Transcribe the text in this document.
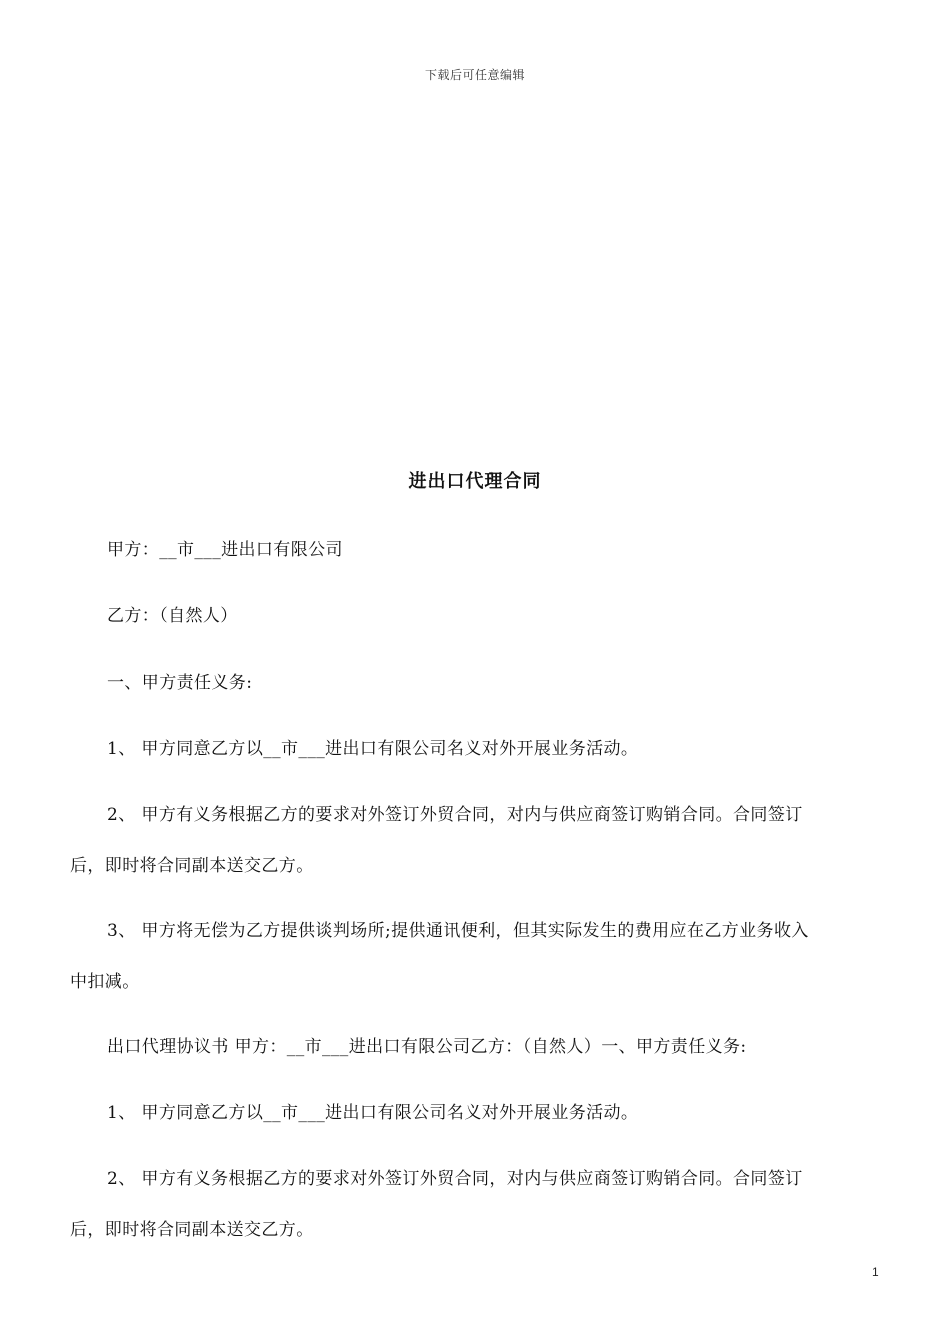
下载后可任意编辑
进出口代理合同
甲方：__市___进出口有限公司
乙方：（自然人）
一、甲方责任义务:
1、 甲方同意乙方以__市___进出口有限公司名义对外开展业务活动。
2、 甲方有义务根据乙方的要求对外签订外贸合同，对内与供应商签订购销合同。合同签订
后，即时将合同副本送交乙方。
3、 甲方将无偿为乙方提供谈判场所;提供通讯便利，但其实际发生的费用应在乙方业务收入
中扣减。
出口代理协议书 甲方：__市___进出口有限公司乙方：（自然人）一、甲方责任义务:
1、 甲方同意乙方以__市___进出口有限公司名义对外开展业务活动。
2、 甲方有义务根据乙方的要求对外签订外贸合同，对内与供应商签订购销合同。合同签订
后，即时将合同副本送交乙方。
1
